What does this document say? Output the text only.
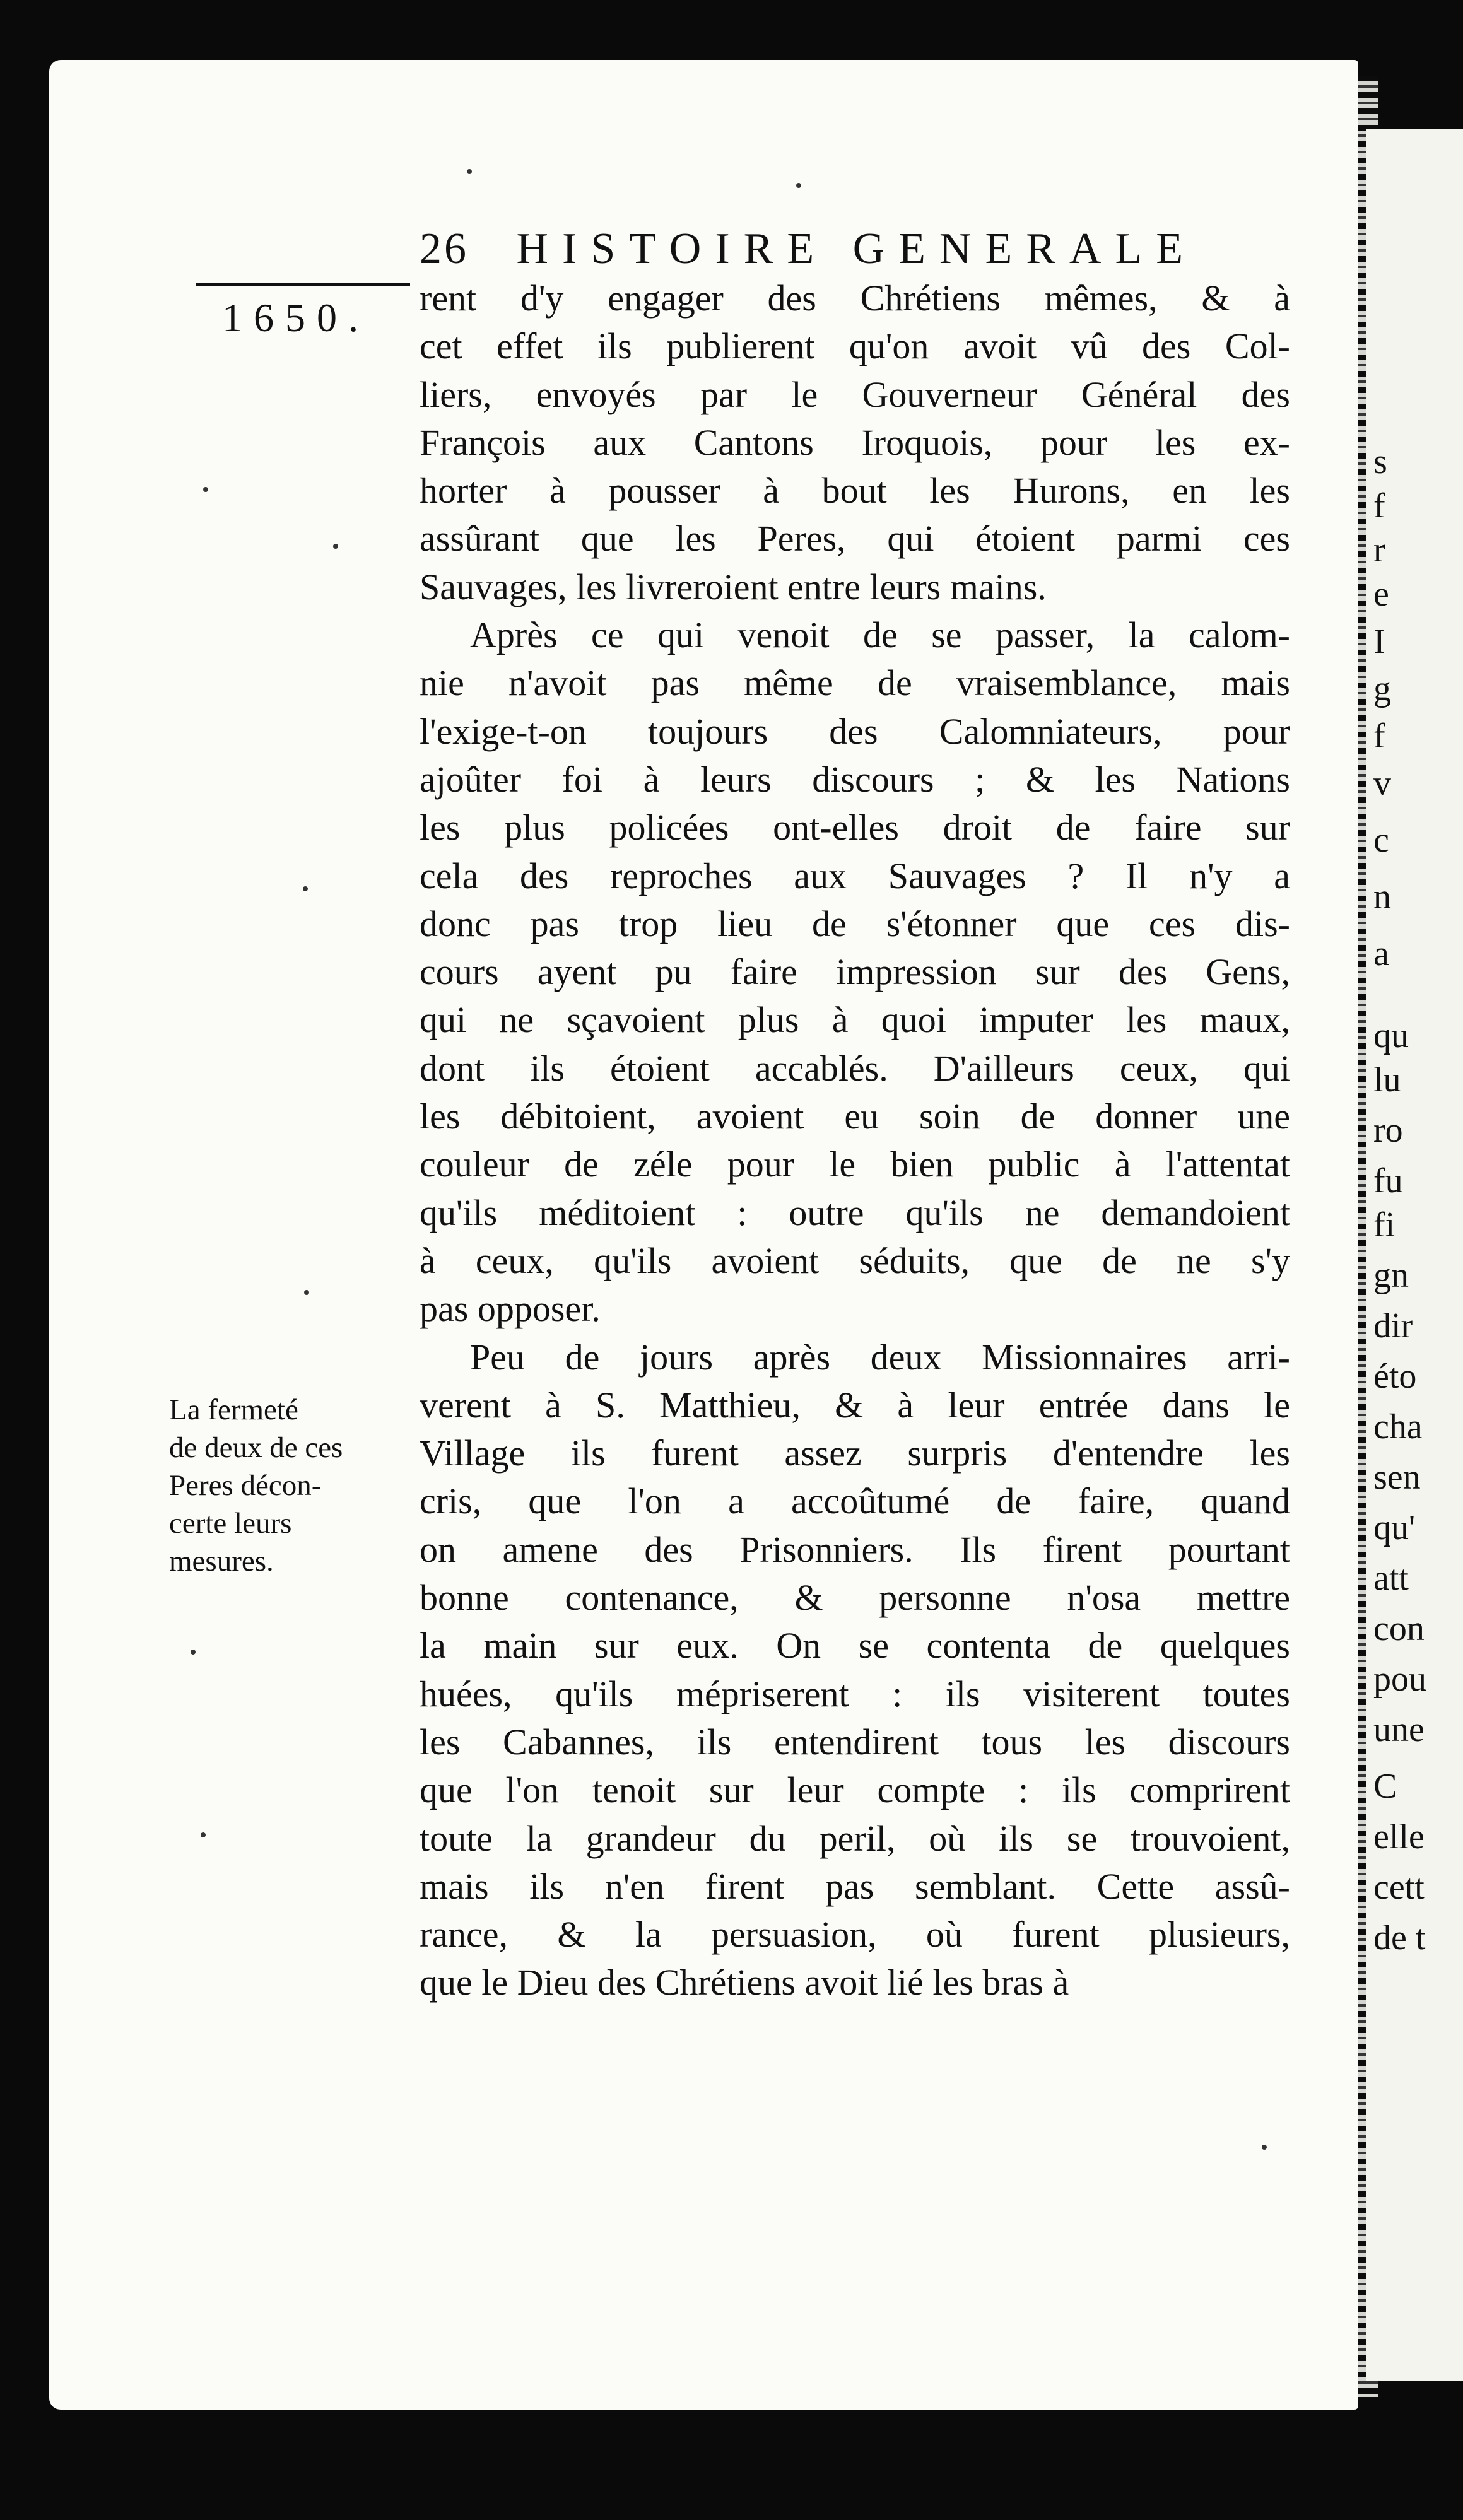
s
f
r
e
I
g
f
v
c
n
a
qu
lu
ro
fu
fi
gn
dir
éto
cha
sen
qu'
att
con
pou
une
C
elle
cett
de t
26 HISTOIRE GENERALE
1650. rent d'y engager des Chrétiens mêmes, & à
cet effet ils publierent qu'on avoit vû des Col-
liers, envoyés par le Gouverneur Général des
François aux Cantons Iroquois, pour les ex-
horter à pousser à bout les Hurons, en les
assûrant que les Peres, qui étoient parmi ces
Sauvages, les livreroient entre leurs mains.
Après ce qui venoit de se passer, la calom-
nie n'avoit pas même de vraisemblance, mais
l'exige-t-on toujours des Calomniateurs, pour
ajoûter foi à leurs discours ; & les Nations
les plus policées ont-elles droit de faire sur
cela des reproches aux Sauvages ? Il n'y a
donc pas trop lieu de s'étonner que ces dis-
cours ayent pu faire impression sur des Gens,
qui ne sçavoient plus à quoi imputer les maux,
dont ils étoient accablés. D'ailleurs ceux, qui
les débitoient, avoient eu soin de donner une
couleur de zéle pour le bien public à l'attentat
qu'ils méditoient : outre qu'ils ne demandoient
à ceux, qu'ils avoient séduits, que de ne s'y
pas opposer.
Peu de jours après deux Missionnaires arri-
verent à S. Matthieu, & à leur entrée dans le
Village ils furent assez surpris d'entendre les
cris, que l'on a accoûtumé de faire, quand
on amene des Prisonniers. Ils firent pourtant
bonne contenance, & personne n'osa mettre
la main sur eux. On se contenta de quelques
huées, qu'ils mépriserent : ils visiterent toutes
les Cabannes, ils entendirent tous les discours
que l'on tenoit sur leur compte : ils comprirent
toute la grandeur du peril, où ils se trouvoient,
mais ils n'en firent pas semblant. Cette assû-
rance, & la persuasion, où furent plusieurs,
que le Dieu des Chrétiens avoit lié les bras à
La fermeté
de deux de ces
Peres décon-
certe leurs
mesures.
